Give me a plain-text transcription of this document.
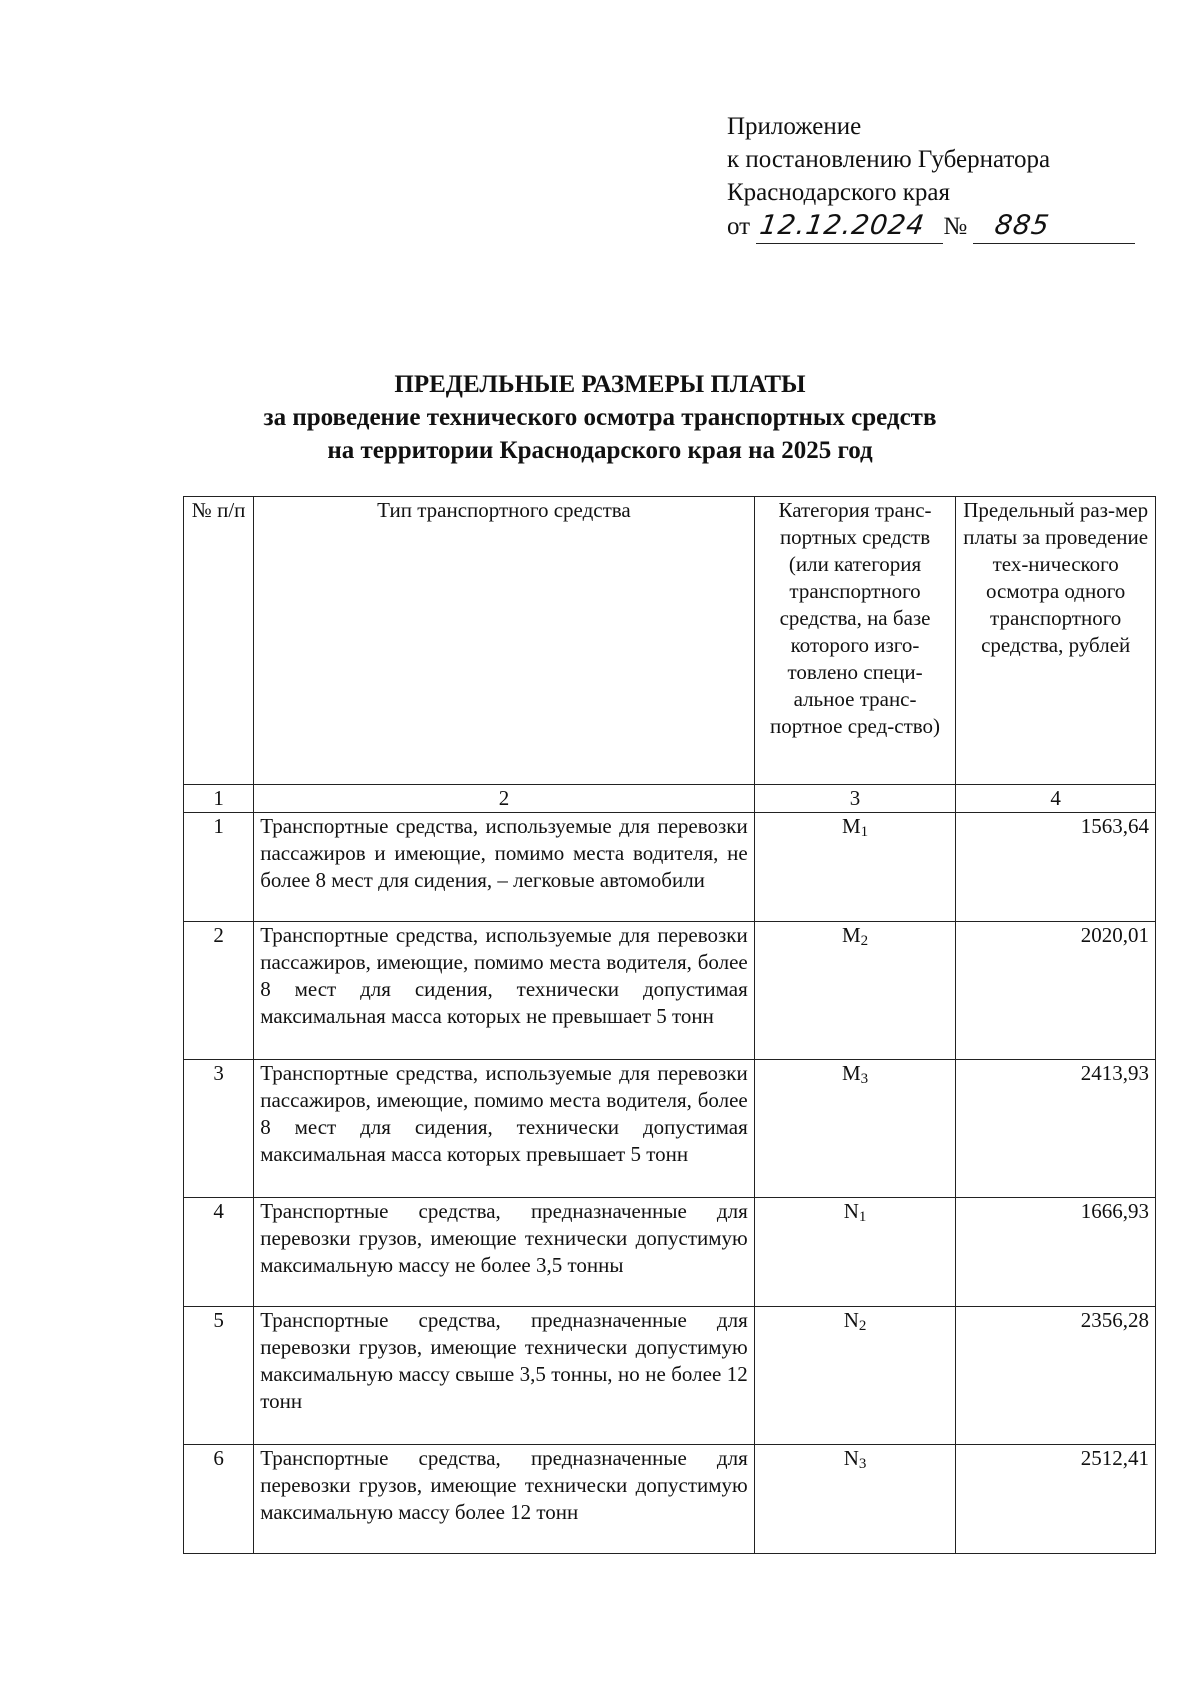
Приложение
к постановлению Губернатора
Краснодарского края
от 12.12.2024 № 885
ПРЕДЕЛЬНЫЕ РАЗМЕРЫ ПЛАТЫ
за проведение технического осмотра транспортных средств
на территории Краснодарского края на 2025 год
№ п/п	Тип транспортного средства	Категория транс-портных средств (или категория транспортного средства, на базе которого изго-товлено специ-альное транс-портное сред-ство)	Предельный раз-мер платы за проведение тех-нического осмотра одного транспортного средства, рублей
1	2	3	4
1	Транспортные средства, используемые для перевозки пассажиров и имеющие, помимо места водителя, не более 8 мест для сидения, – легковые автомобили	$M_1$	1563,64
2	Транспортные средства, используемые для перевозки пассажиров, имеющие, помимо места водителя, более 8 мест для сидения, технически допустимая максимальная масса которых не превышает 5 тонн	$M_2$	2020,01
3	Транспортные средства, используемые для перевозки пассажиров, имеющие, помимо места водителя, более 8 мест для сидения, технически допустимая максимальная масса которых превышает 5 тонн	$M_3$	2413,93
4	Транспортные средства, предназначенные для перевозки грузов, имеющие технически допустимую максимальную массу не более 3,5 тонны	$N_1$	1666,93
5	Транспортные средства, предназначенные для перевозки грузов, имеющие технически допустимую максимальную массу свыше 3,5 тонны, но не более 12 тонн	$N_2$	2356,28
6	Транспортные средства, предназначенные для перевозки грузов, имеющие технически допустимую максимальную массу более 12 тонн	$N_3$	2512,41
